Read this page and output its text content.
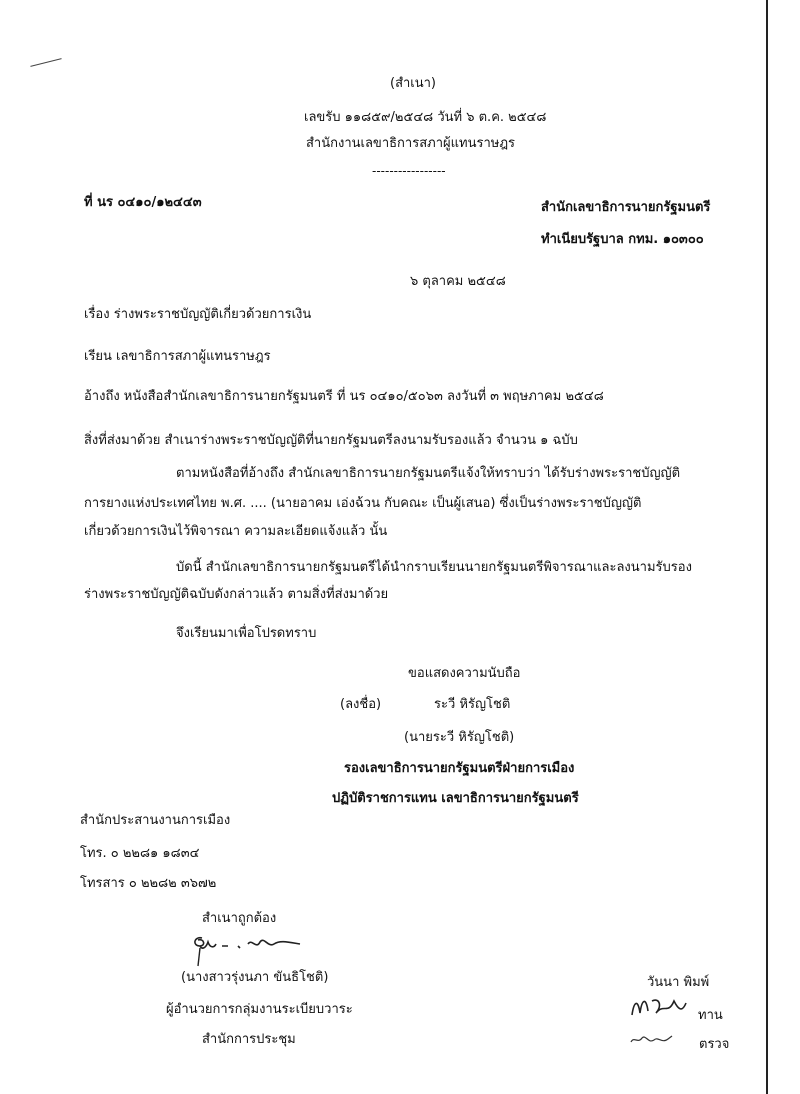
(สำเนา)
เลขรับ ๑๑๘๕๙/๒๕๔๘ วันที่ ๖ ต.ค. ๒๕๔๘
สำนักงานเลขาธิการสภาผู้แทนราษฎร
-----------------
ที่ นร ๐๔๑๐/๑๒๔๔๓	สำนักเลขาธิการนายกรัฐมนตรี
ทำเนียบรัฐบาล กทม. ๑๐๓๐๐
๖ ตุลาคม ๒๕๔๘
เรื่อง ร่างพระราชบัญญัติเกี่ยวด้วยการเงิน
เรียน เลขาธิการสภาผู้แทนราษฎร
อ้างถึง หนังสือสำนักเลขาธิการนายกรัฐมนตรี ที่ นร ๐๔๑๐/๕๐๖๓ ลงวันที่ ๓ พฤษภาคม ๒๕๔๘
สิ่งที่ส่งมาด้วย สำเนาร่างพระราชบัญญัติที่นายกรัฐมนตรีลงนามรับรองแล้ว จำนวน ๑ ฉบับ
ตามหนังสือที่อ้างถึง สำนักเลขาธิการนายกรัฐมนตรีแจ้งให้ทราบว่า ได้รับร่างพระราชบัญญัติ
การยางแห่งประเทศไทย พ.ศ. .... (นายอาคม เอ่งฉ้วน กับคณะ เป็นผู้เสนอ) ซึ่งเป็นร่างพระราชบัญญัติ
เกี่ยวด้วยการเงินไว้พิจารณา ความละเอียดแจ้งแล้ว นั้น
บัดนี้ สำนักเลขาธิการนายกรัฐมนตรีได้นำกราบเรียนนายกรัฐมนตรีพิจารณาและลงนามรับรอง
ร่างพระราชบัญญัติฉบับดังกล่าวแล้ว ตามสิ่งที่ส่งมาด้วย
จึงเรียนมาเพื่อโปรดทราบ
ขอแสดงความนับถือ
(ลงชื่อ)	ระวี หิรัญโชติ
(นายระวี หิรัญโชติ)
รองเลขาธิการนายกรัฐมนตรีฝ่ายการเมือง
ปฏิบัติราชการแทน เลขาธิการนายกรัฐมนตรี
สำนักประสานงานการเมือง
โทร. ๐ ๒๒๘๑ ๑๘๓๔
โทรสาร ๐ ๒๒๘๒ ๓๖๗๒
สำเนาถูกต้อง
(นางสาวรุ่งนภา ขันธิโชติ)
ผู้อำนวยการกลุ่มงานระเบียบวาระ
สำนักการประชุม
วันนา พิมพ์
ทาน
ตรวจ
